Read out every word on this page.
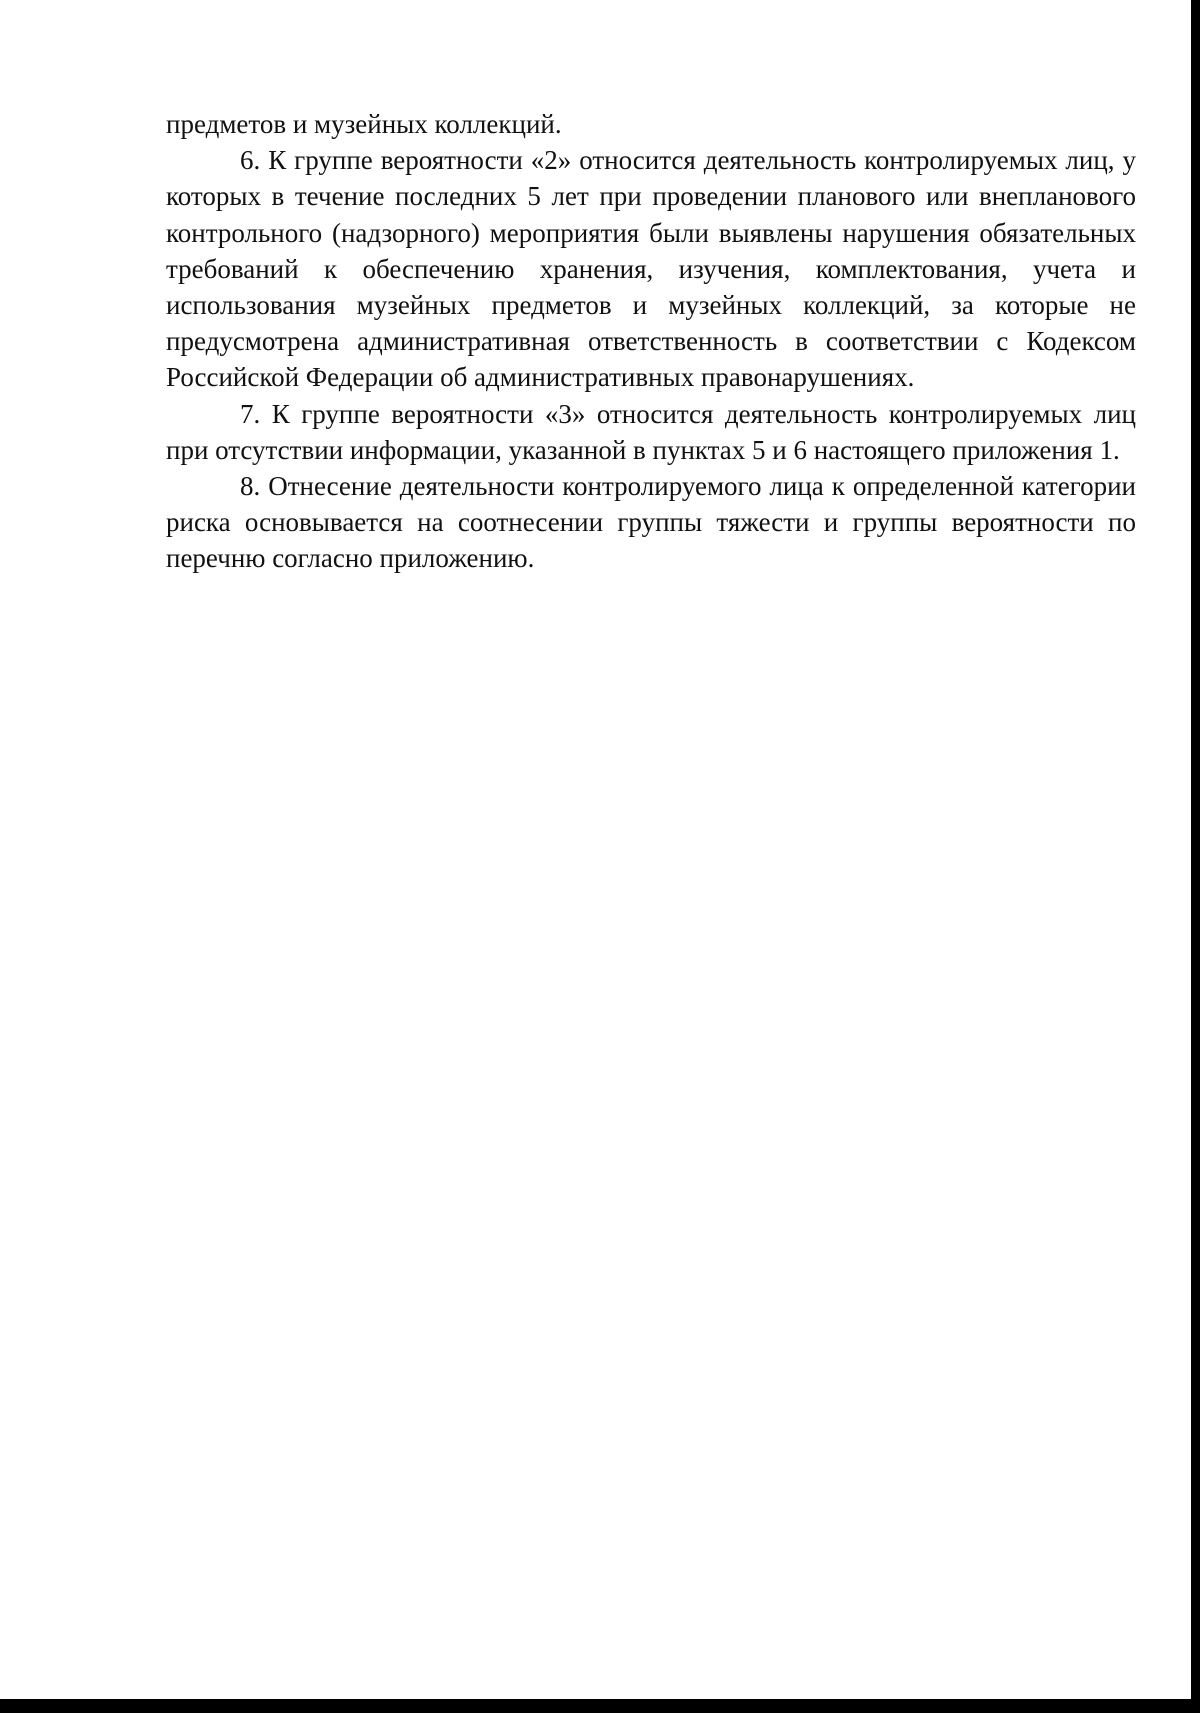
предметов и музейных коллекций.

6. К группе вероятности «2» относится деятельность контролируемых лиц, у которых в течение последних 5 лет при проведении планового или внепланового контрольного (надзорного) мероприятия были выявлены нарушения обязательных требований к обеспечению хранения, изучения, комплектования, учета и использования музейных предметов и музейных коллекций, за которые не предусмотрена административная ответственность в соответствии с Кодексом Российской Федерации об административных правонарушениях.

7. К группе вероятности «3» относится деятельность контролируемых лиц при отсутствии информации, указанной в пунктах 5 и 6 настоящего приложения 1.

8. Отнесение деятельности контролируемого лица к определенной категории риска основывается на соотнесении группы тяжести и группы вероятности по перечню согласно приложению.
